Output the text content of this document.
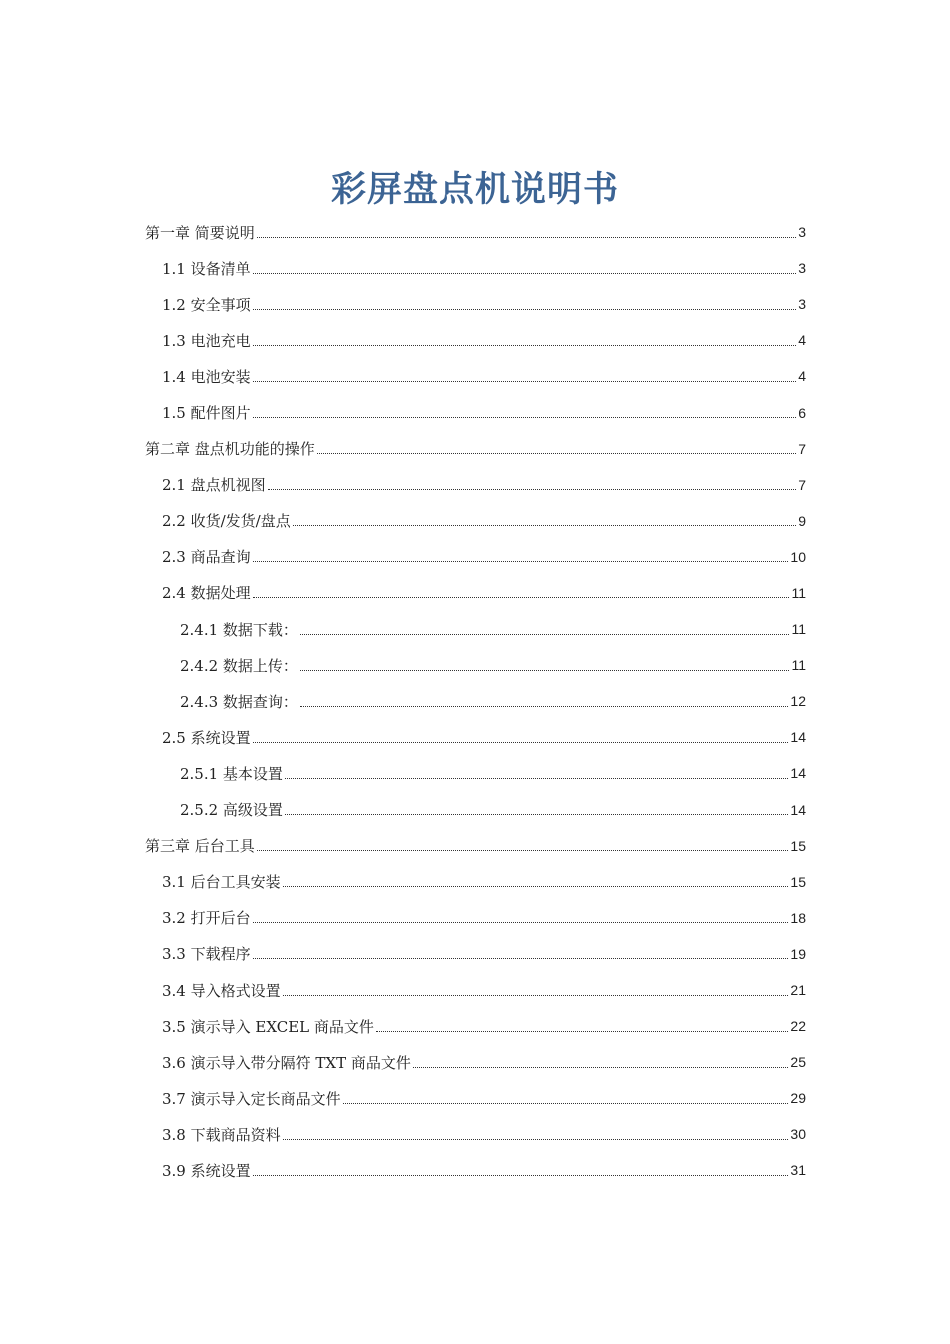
彩屏盘点机说明书
第一章 简要说明	3
1.1 设备清单	3
1.2 安全事项	3
1.3 电池充电	4
1.4 电池安装	4
1.5 配件图片	6
第二章 盘点机功能的操作	7
2.1 盘点机视图	7
2.2 收货/发货/盘点	9
2.3 商品查询	10
2.4 数据处理	11
2.4.1 数据下载：	11
2.4.2 数据上传：	11
2.4.3 数据查询：	12
2.5 系统设置	14
2.5.1 基本设置	14
2.5.2 高级设置	14
第三章 后台工具	15
3.1 后台工具安装	15
3.2 打开后台	18
3.3 下载程序	19
3.4 导入格式设置	21
3.5 演示导入 EXCEL 商品文件	22
3.6 演示导入带分隔符 TXT 商品文件	25
3.7 演示导入定长商品文件	29
3.8 下载商品资料	30
3.9 系统设置	31
